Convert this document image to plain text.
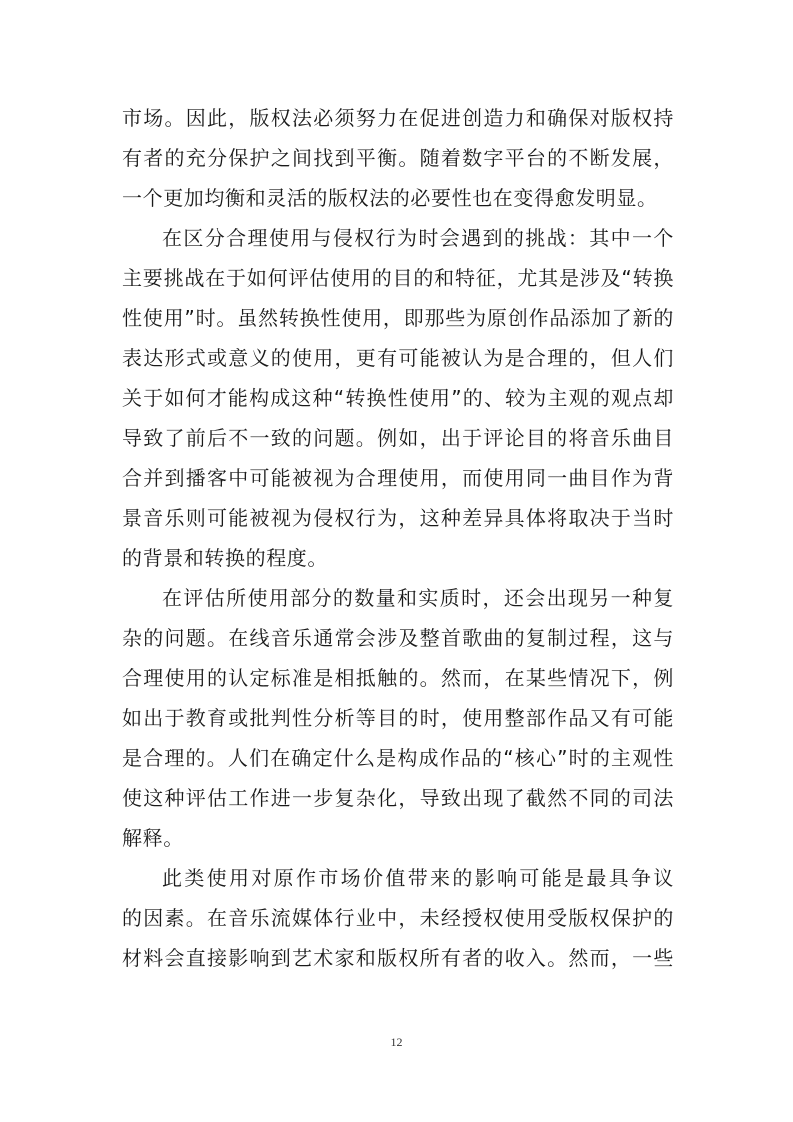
市场。因此，版权法必须努力在促进创造力和确保对版权持
有者的充分保护之间找到平衡。随着数字平台的不断发展，
一个更加均衡和灵活的版权法的必要性也在变得愈发明显。
在区分合理使用与侵权行为时会遇到的挑战：其中一个
主要挑战在于如何评估使用的目的和特征，尤其是涉及“转换
性使用”时。虽然转换性使用，即那些为原创作品添加了新的
表达形式或意义的使用，更有可能被认为是合理的，但人们
关于如何才能构成这种“转换性使用”的、较为主观的观点却
导致了前后不一致的问题。例如，出于评论目的将音乐曲目
合并到播客中可能被视为合理使用，而使用同一曲目作为背
景音乐则可能被视为侵权行为，这种差异具体将取决于当时
的背景和转换的程度。
在评估所使用部分的数量和实质时，还会出现另一种复
杂的问题。在线音乐通常会涉及整首歌曲的复制过程，这与
合理使用的认定标准是相抵触的。然而，在某些情况下，例
如出于教育或批判性分析等目的时，使用整部作品又有可能
是合理的。人们在确定什么是构成作品的“核心”时的主观性
使这种评估工作进一步复杂化，导致出现了截然不同的司法
解释。
此类使用对原作市场价值带来的影响可能是最具争议
的因素。在音乐流媒体行业中，未经授权使用受版权保护的
材料会直接影响到艺术家和版权所有者的收入。然而，一些
12
